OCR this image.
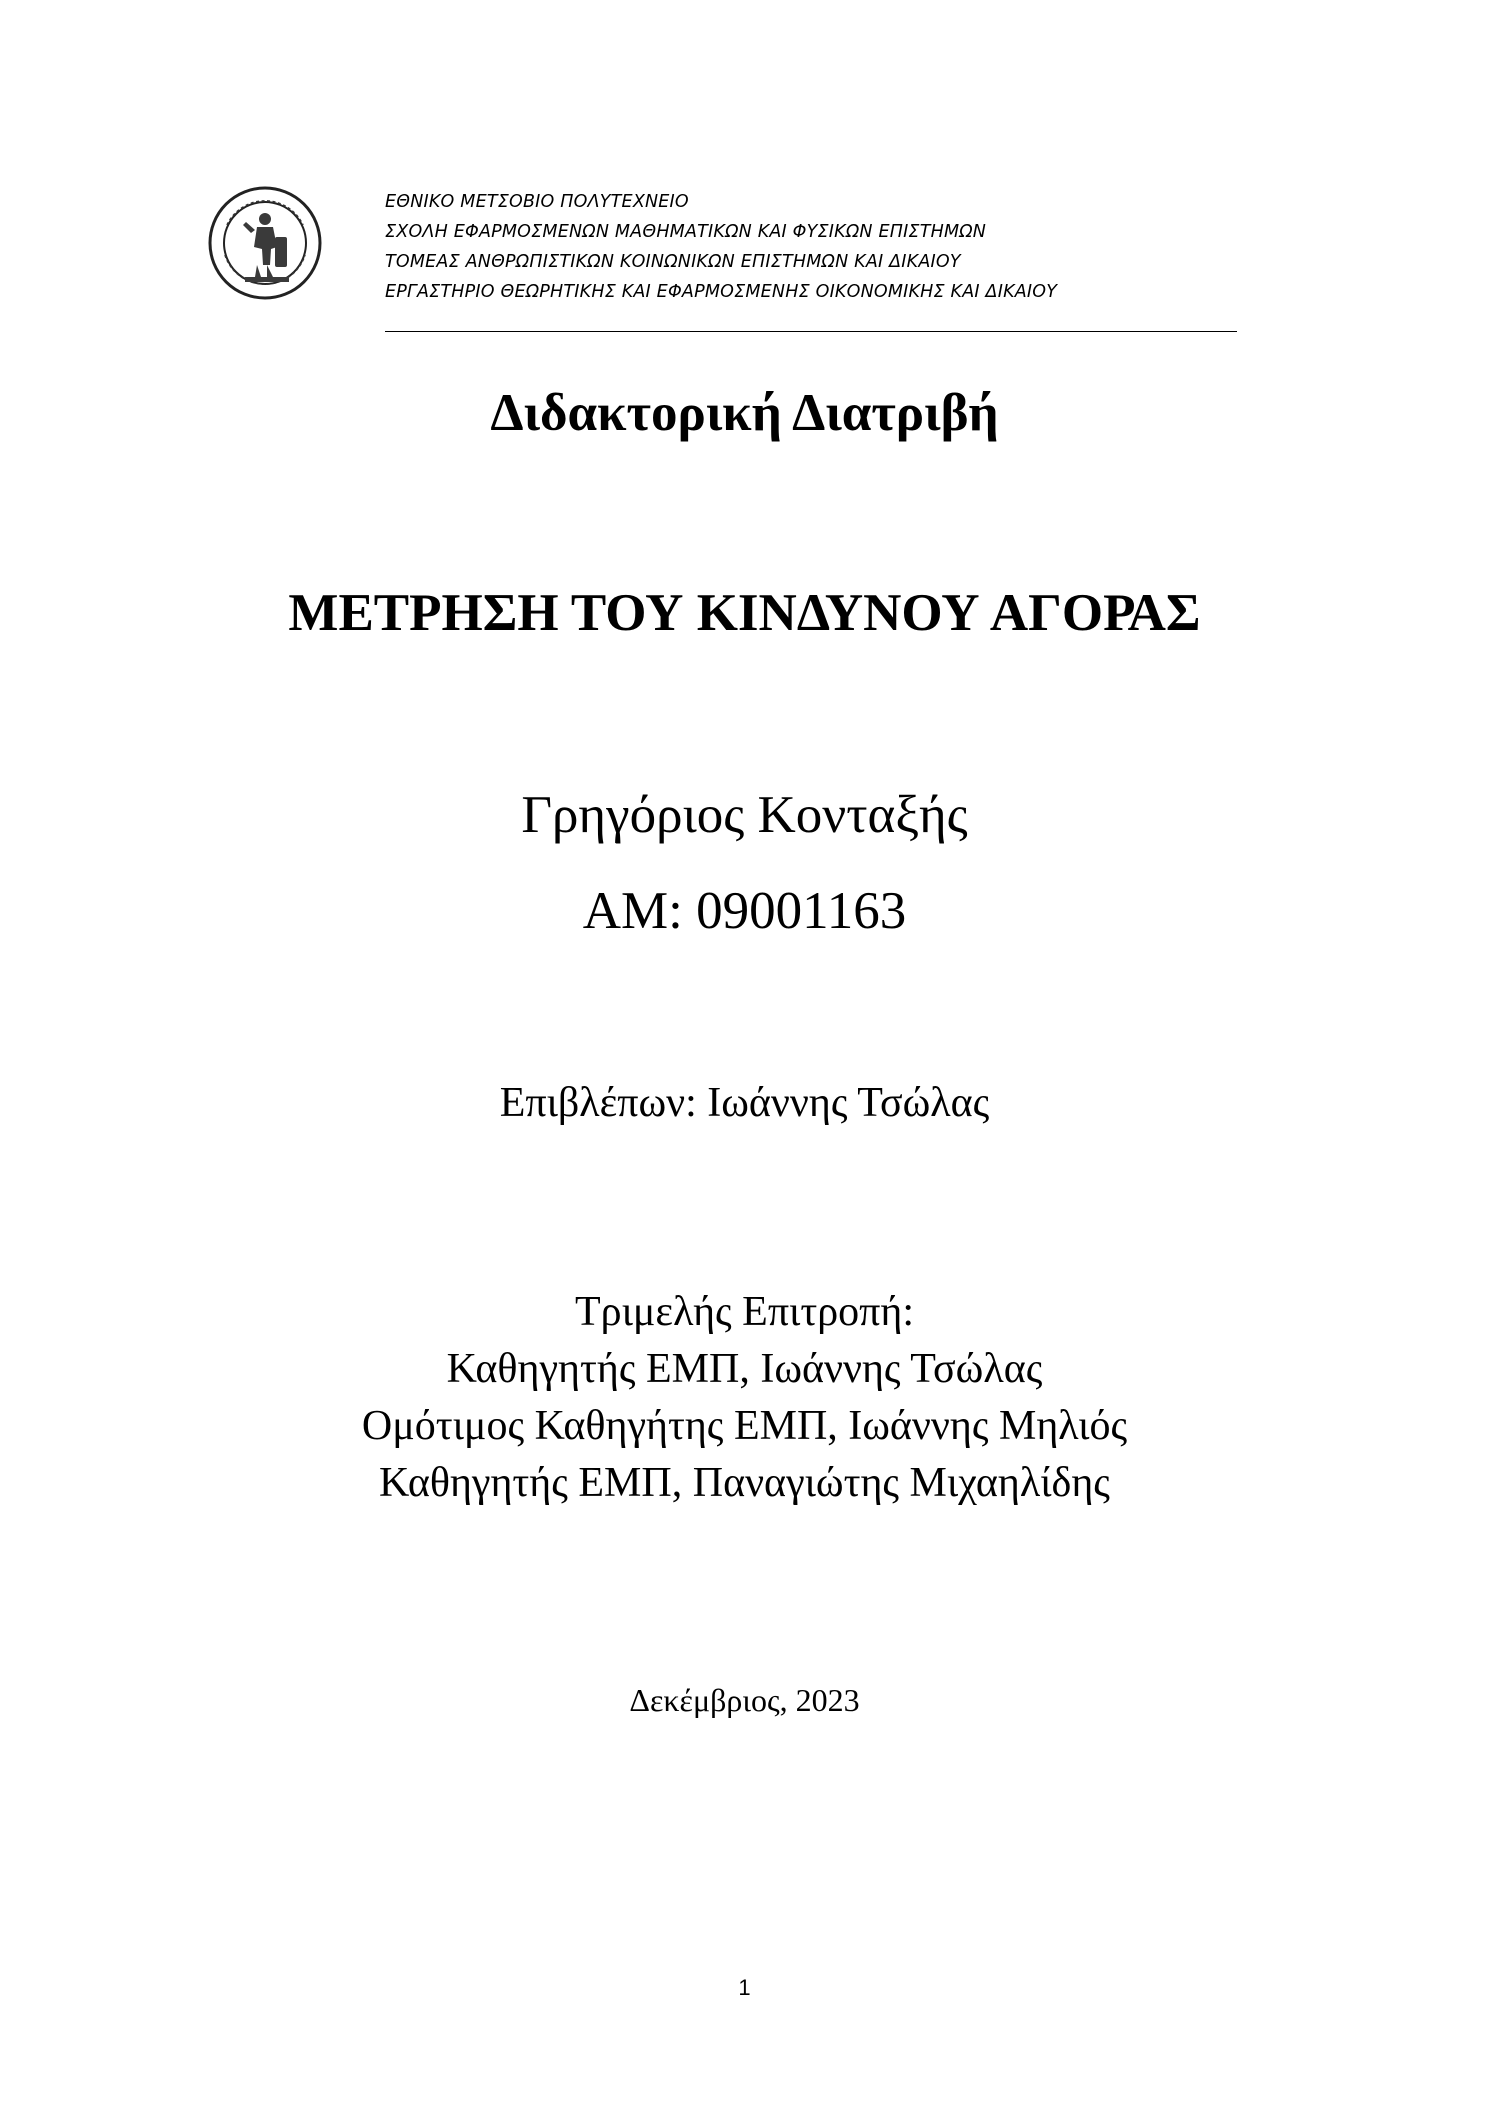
ΕΘΝΙΚΟ ΜΕΤΣΟΒΙΟ ΠΟΛΥΤΕΧΝΕΙΟ
ΣΧΟΛΗ ΕΦΑΡΜΟΣΜΕΝΩΝ ΜΑΘΗΜΑΤΙΚΩΝ ΚΑΙ ΦΥΣΙΚΩΝ ΕΠΙΣΤΗΜΩΝ
ΤΟΜΕΑΣ ΑΝΘΡΩΠΙΣΤΙΚΩΝ ΚΟΙΝΩΝΙΚΩΝ ΕΠΙΣΤΗΜΩΝ ΚΑΙ ΔΙΚΑΙΟΥ
ΕΡΓΑΣΤΗΡΙΟ ΘΕΩΡΗΤΙΚΗΣ ΚΑΙ ΕΦΑΡΜΟΣΜΕΝΗΣ ΟΙΚΟΝΟΜΙΚΗΣ ΚΑΙ ΔΙΚΑΙΟΥ
Διδακτορική Διατριβή
ΜΕΤΡΗΣΗ ΤΟΥ ΚΙΝΔΥΝΟΥ ΑΓΟΡΑΣ
Γρηγόριος Κονταξής
AM: 09001163
Επιβλέπων: Ιωάννης Τσώλας
Τριμελής Επιτροπή:
Καθηγητής ΕΜΠ, Ιωάννης Τσώλας
Ομότιμος Καθηγήτης ΕΜΠ, Ιωάννης Μηλιός
Καθηγητής ΕΜΠ, Παναγιώτης Μιχαηλίδης
Δεκέμβριος, 2023
1
